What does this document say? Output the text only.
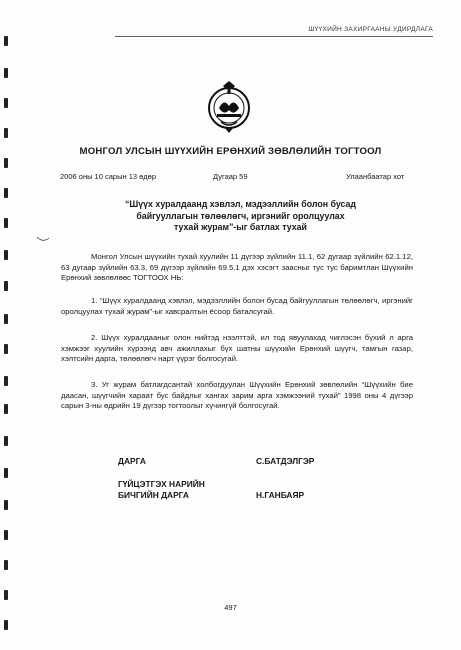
ШҮҮХИЙН ЗАХИРГААНЫ УДИРДЛАГА
МОНГОЛ УЛСЫН ШҮҮХИЙН ЕРӨНХИЙ ЗӨВЛӨЛИЙН ТОГТООЛ
2006 оны 10 сарын 13 өдөр	Дугаар 59	Улаанбаатар хот
“Шүүх хуралдаанд хэвлэл, мэдээллийн болон бусад
байгууллагын төлөөлөгч, иргэнийг оролцуулах
тухай журам”-ыг батлах тухай
Монгол Улсын шүүхийн тухай хуулийн 11 дүгээр зүйлийн 11.1, 62 дугаар зүйлийн 62.1.12, 63 дугаар зүйлийн 63.3, 69 дүгээр зүйлийн 69.5.1 дэх хэсэгт заасныг тус тус баримтлан Шүүхийн Ерөнхий зөвлөлөөс ТОГТООХ НЬ:
1. “Шүүх хуралдаанд хэвлэл, мэдээллийн болон бусад байгууллагын төлөөлөгч, иргэнийг оролцуулах тухай журам”-ыг хавсралтын ёсоор баталсугай.
2. Шүүх хуралдааныг олон нийтэд нээлттэй, ил тод явуулахад чиглэсэн бүхий л арга хэмжээг хуулийн хүрээнд авч ажиллахыг бүх шатны шүүхийн Ерөнхий шүүгч, тамгын газар, хэлтсийн дарга, төлөөлөгч нарт үүрэг болгосугай.
3. Уг журам батлагдсантай холбогдуулан Шүүхийн Ерөнхий зөвлөлийн “Шүүхийн бие даасан, шүүгчийн хараат бус байдлыг хангах зарим арга хэмжээний тухай” 1998 оны 4 дүгээр сарын 3-ны өдрийн 19 дүгээр тогтоолыг хүчингүй болгосугай.
ДАРГА	С.БАТДЭЛГЭР
ГҮЙЦЭТГЭХ НАРИЙН
БИЧГИЙН ДАРГА	Н.ГАНБАЯР
497
